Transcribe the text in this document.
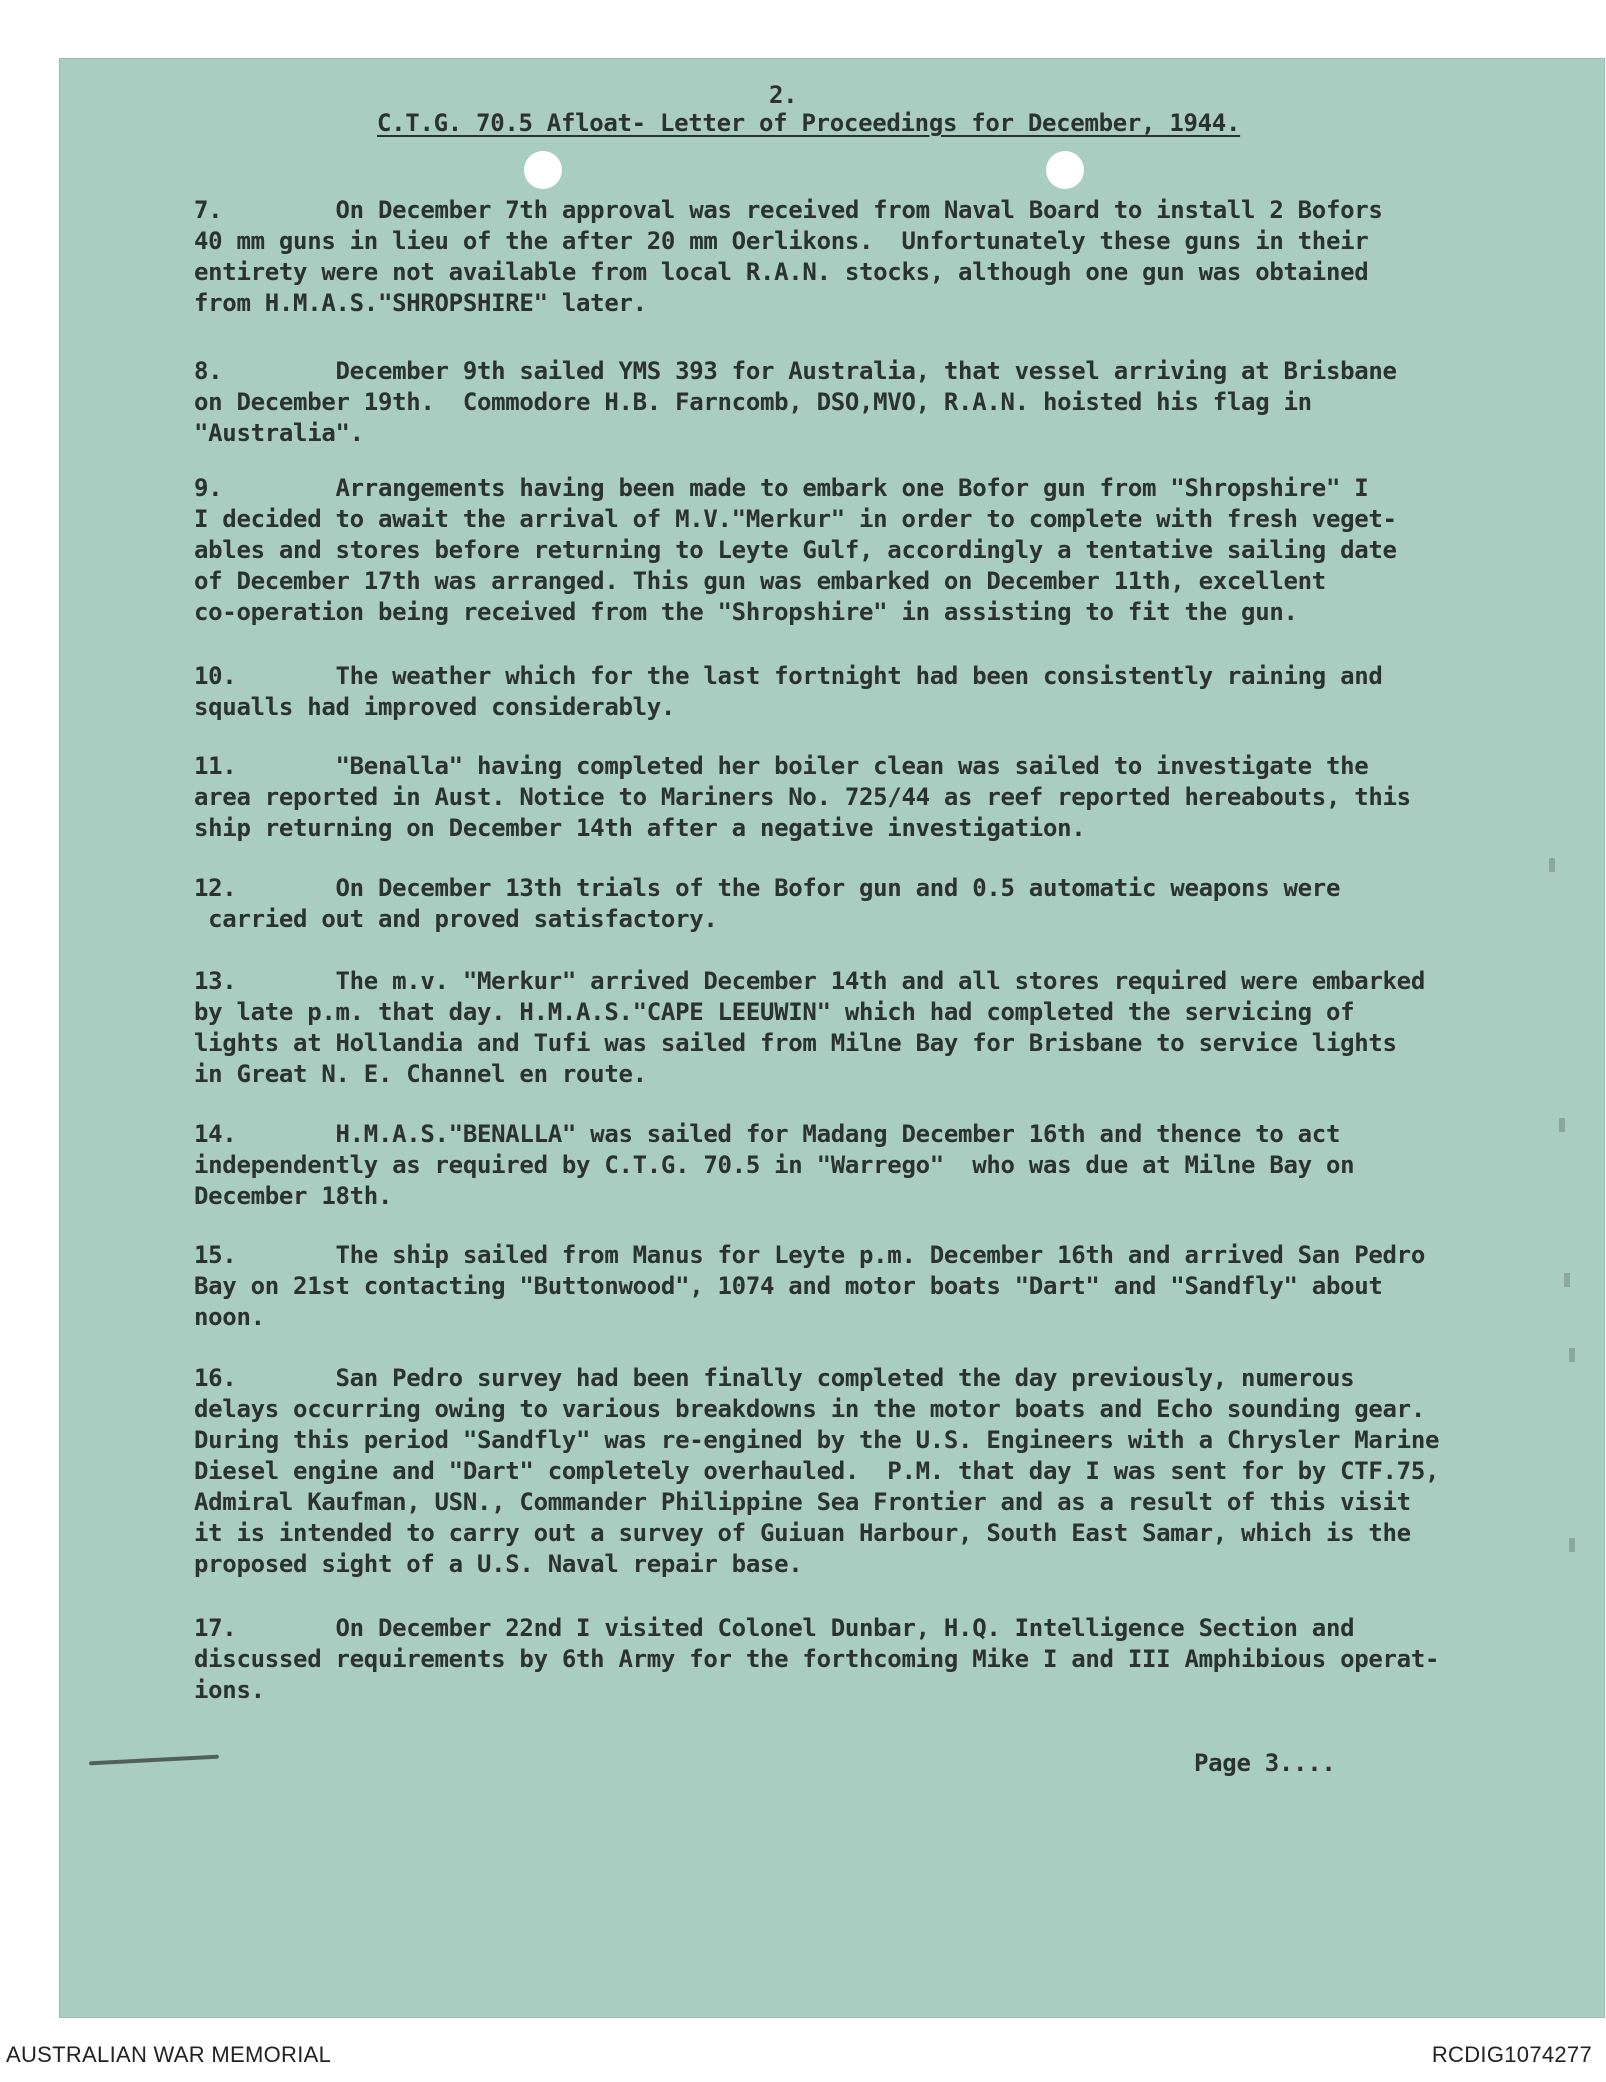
2.
C.T.G. 70.5 Afloat- Letter of Proceedings for December, 1944.
7.        On December 7th approval was received from Naval Board to install 2 Bofors
40 mm guns in lieu of the after 20 mm Oerlikons.  Unfortunately these guns in their
entirety were not available from local R.A.N. stocks, although one gun was obtained
from H.M.A.S."SHROPSHIRE" later.
8.        December 9th sailed YMS 393 for Australia, that vessel arriving at Brisbane
on December 19th.  Commodore H.B. Farncomb, DSO,MVO, R.A.N. hoisted his flag in
"Australia".
9.        Arrangements having been made to embark one Bofor gun from "Shropshire" I
I decided to await the arrival of M.V."Merkur" in order to complete with fresh veget-
ables and stores before returning to Leyte Gulf, accordingly a tentative sailing date
of December 17th was arranged. This gun was embarked on December 11th, excellent
co-operation being received from the "Shropshire" in assisting to fit the gun.
10.       The weather which for the last fortnight had been consistently raining and
squalls had improved considerably.
11.       "Benalla" having completed her boiler clean was sailed to investigate the
area reported in Aust. Notice to Mariners No. 725/44 as reef reported hereabouts, this
ship returning on December 14th after a negative investigation.
12.       On December 13th trials of the Bofor gun and 0.5 automatic weapons were
carried out and proved satisfactory.
13.       The m.v. "Merkur" arrived December 14th and all stores required were embarked
by late p.m. that day. H.M.A.S."CAPE LEEUWIN" which had completed the servicing of
lights at Hollandia and Tufi was sailed from Milne Bay for Brisbane to service lights
in Great N. E. Channel en route.
14.       H.M.A.S."BENALLA" was sailed for Madang December 16th and thence to act
independently as required by C.T.G. 70.5 in "Warrego"  who was due at Milne Bay on
December 18th.
15.       The ship sailed from Manus for Leyte p.m. December 16th and arrived San Pedro
Bay on 21st contacting "Buttonwood", 1074 and motor boats "Dart" and "Sandfly" about
noon.
16.       San Pedro survey had been finally completed the day previously, numerous
delays occurring owing to various breakdowns in the motor boats and Echo sounding gear.
During this period "Sandfly" was re-engined by the U.S. Engineers with a Chrysler Marine
Diesel engine and "Dart" completely overhauled.  P.M. that day I was sent for by CTF.75,
Admiral Kaufman, USN., Commander Philippine Sea Frontier and as a result of this visit
it is intended to carry out a survey of Guiuan Harbour, South East Samar, which is the
proposed sight of a U.S. Naval repair base.
17.       On December 22nd I visited Colonel Dunbar, H.Q. Intelligence Section and
discussed requirements by 6th Army for the forthcoming Mike I and III Amphibious operat-
ions.
Page 3....
AUSTRALIAN WAR MEMORIAL	RCDIG1074277
